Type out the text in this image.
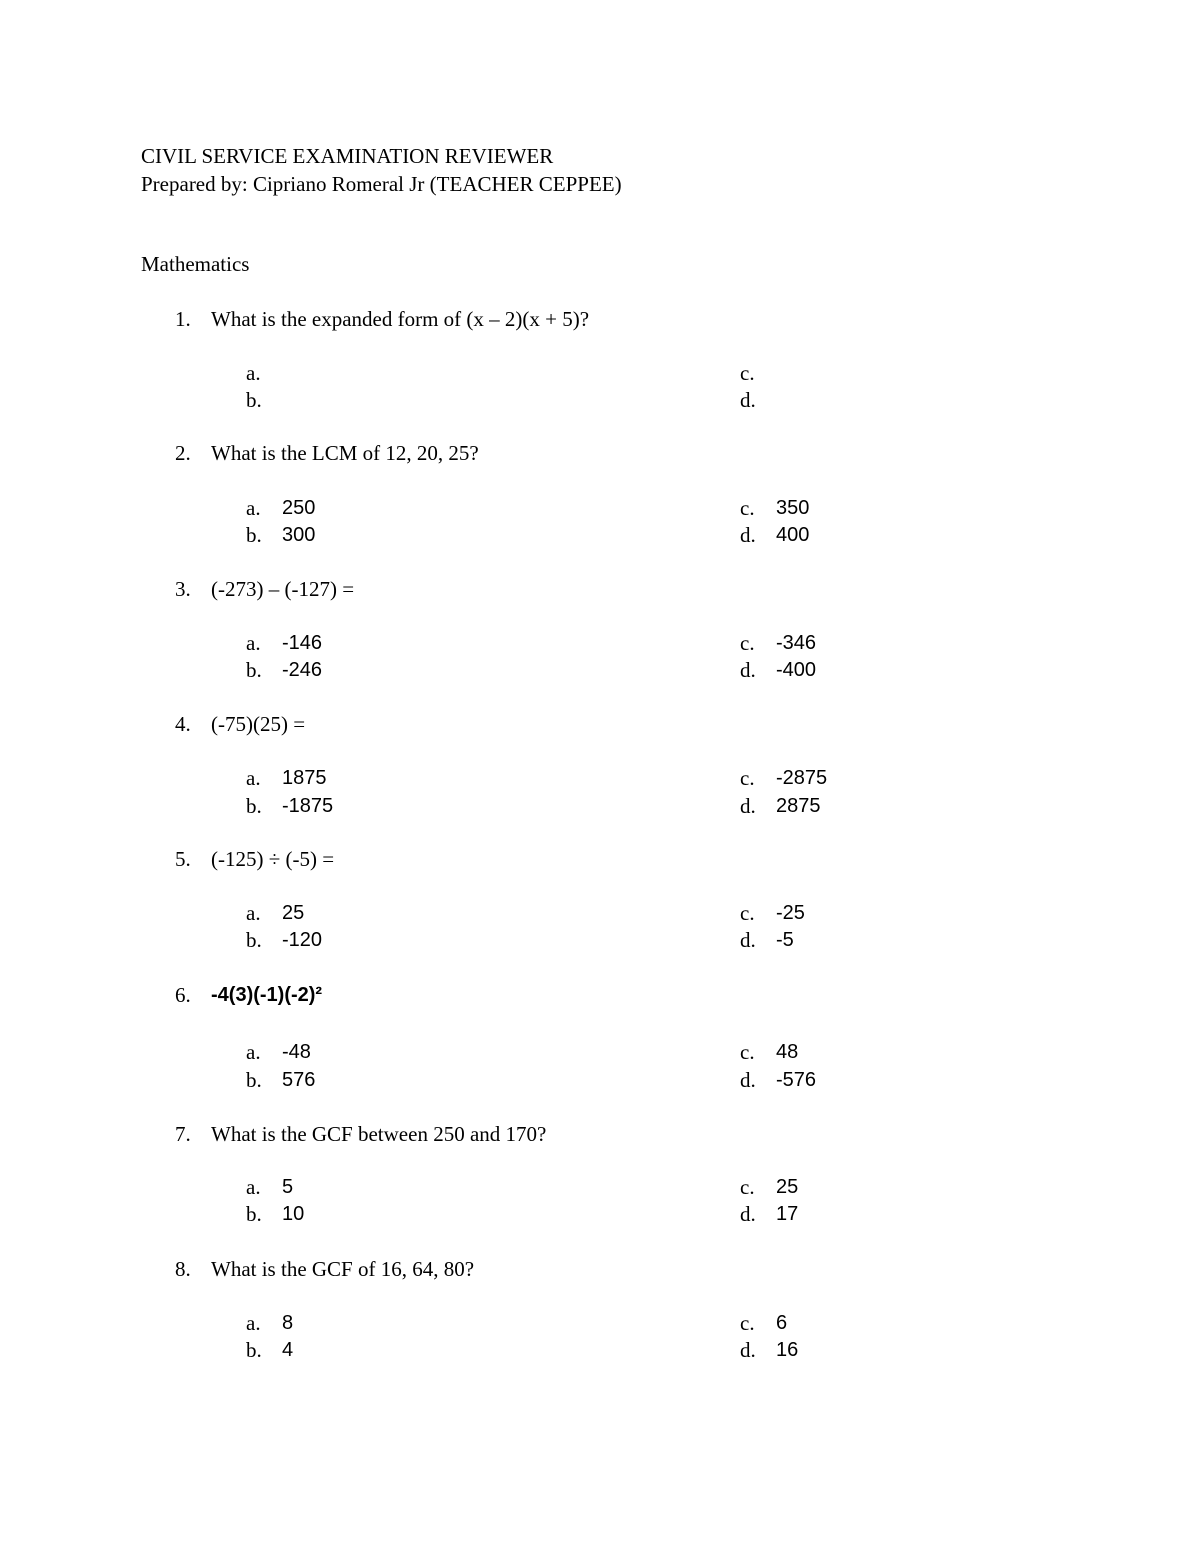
CIVIL SERVICE EXAMINATION REVIEWER
Prepared by: Cipriano Romeral Jr (TEACHER CEPPEE)
Mathematics
1. What is the expanded form of (x – 2)(x + 5)?
a.
b.
c.
d.
2. What is the LCM of 12, 20, 25?
a. 250
b. 300
c. 350
d. 400
3. (-273) – (-127) =
a. -146
b. -246
c. -346
d. -400
4. (-75)(25) =
a. 1875
b. -1875
c. -2875
d. 2875
5. (-125) ÷ (-5) =
a. 25
b. -120
c. -25
d. -5
6. -4(3)(-1)(-2)²
a. -48
b. 576
c. 48
d. -576
7. What is the GCF between 250 and 170?
a. 5
b. 10
c. 25
d. 17
8. What is the GCF of 16, 64, 80?
a. 8
b. 4
c. 6
d. 16
